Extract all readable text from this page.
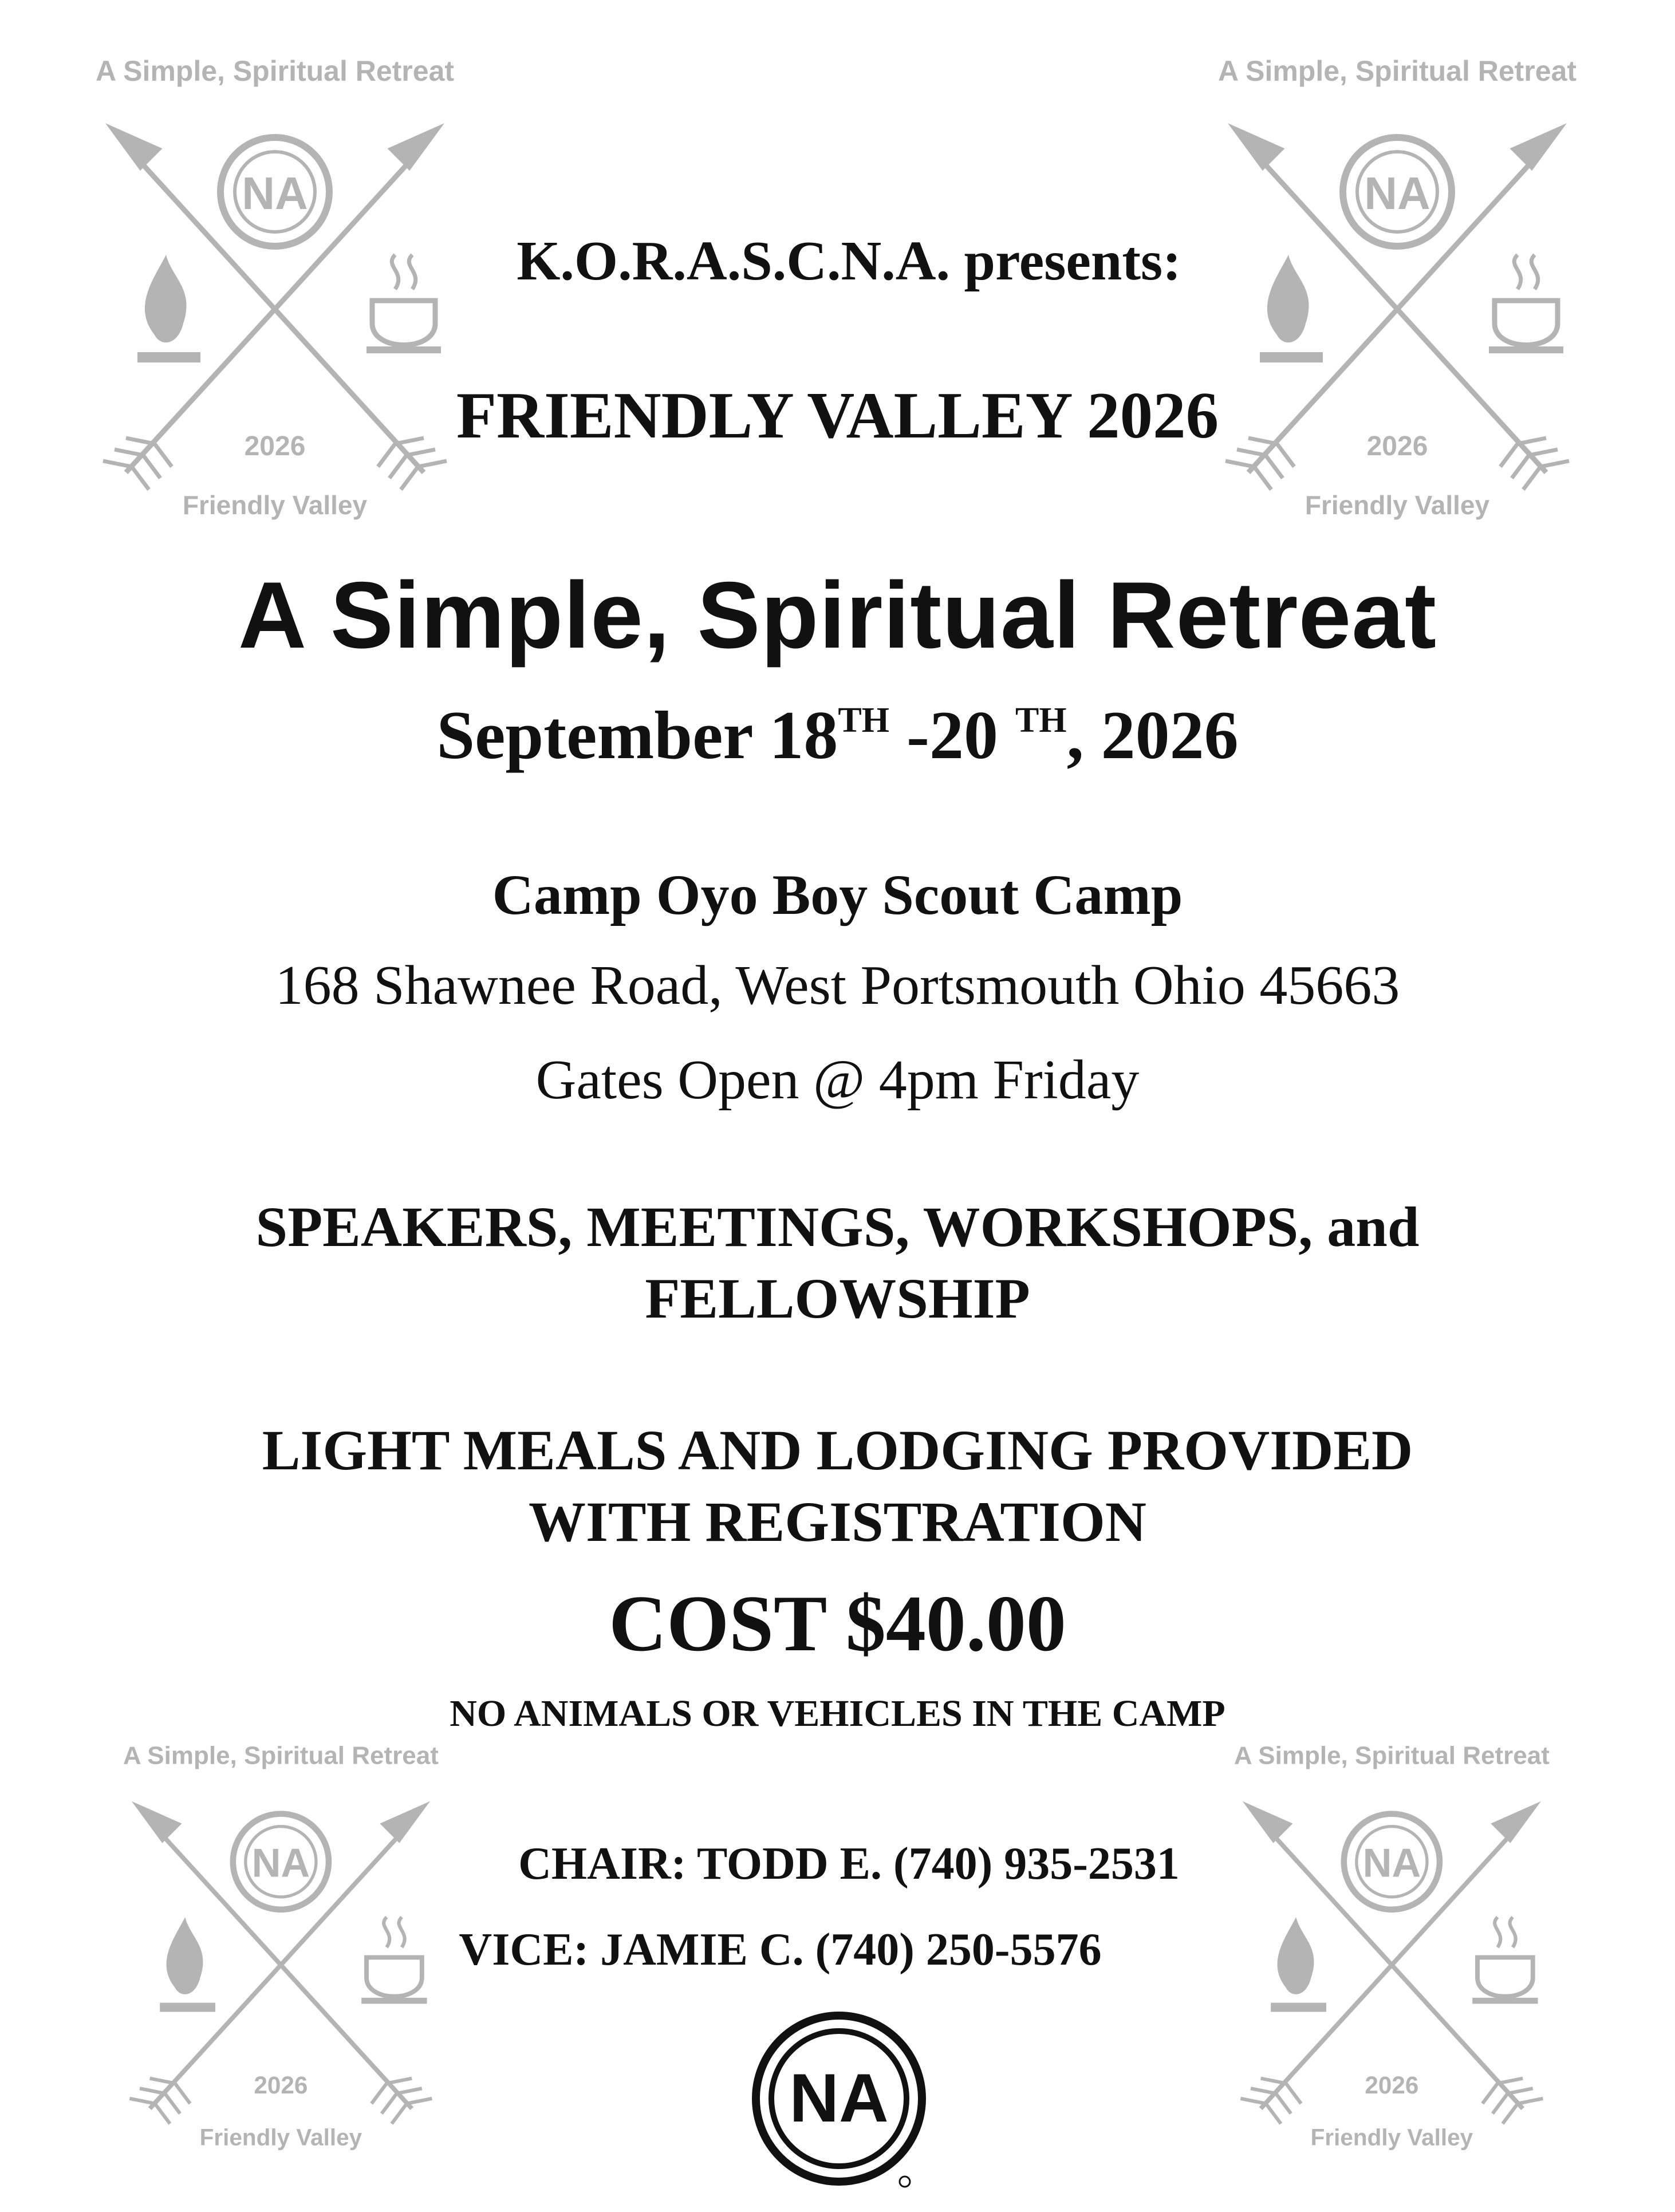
A Simple, Spiritual Retreat
NA
2026
Friendly Valley
A Simple, Spiritual Retreat
NA
2026
Friendly Valley
A Simple, Spiritual Retreat
NA
2026
Friendly Valley
A Simple, Spiritual Retreat
NA
2026
Friendly Valley
K.O.R.A.S.C.N.A. presents:
FRIENDLY VALLEY 2026
A Simple, Spiritual Retreat
September 18TH -20 $^{TH}$, 2026
Camp Oyo Boy Scout Camp
168 Shawnee Road, West Portsmouth Ohio 45663
Gates Open @ 4pm Friday
SPEAKERS, MEETINGS, WORKSHOPS, and
FELLOWSHIP
LIGHT MEALS AND LODGING PROVIDED
WITH REGISTRATION
COST $40.00
NO ANIMALS OR VEHICLES IN THE CAMP
CHAIR: TODD E. (740) 935-2531
VICE: JAMIE C. (740) 250-5576
NA
